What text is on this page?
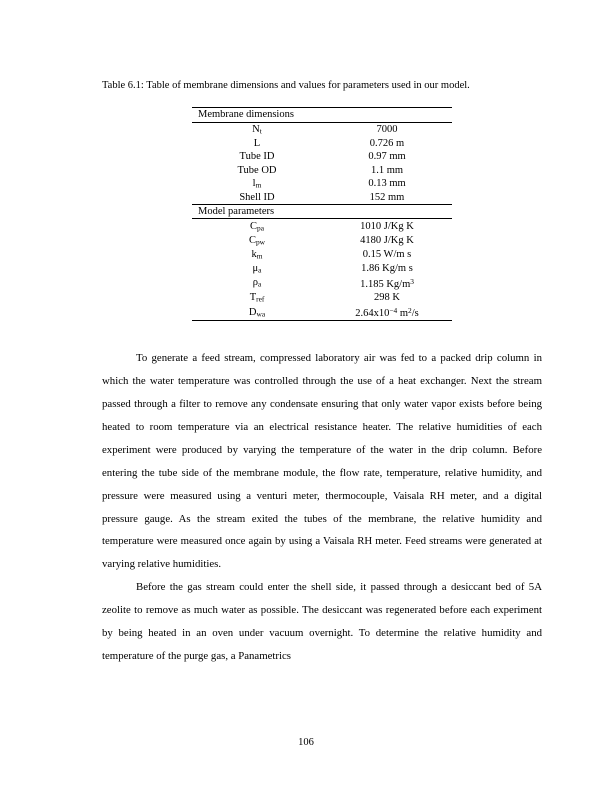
Table 6.1: Table of membrane dimensions and values for parameters used in our model.
Membrane dimensions	
$N_t$	7000
L	0.726 m
Tube ID	0.97 mm
Tube OD	1.1 mm
$l_m$	0.13 mm
Shell ID	152 mm
Model parameters	
$C_{pa}$	1010 J/Kg K
$C_{pw}$	4180 J/Kg K
$k_m$	0.15 W/m s
$\mu_a$	1.86 Kg/m s
$\rho_a$	1.185 $Kg/m^3$
$T_{ref}$	298 K
$D_{wa}$	$2.64x10^{-4}$ $m^2/s$

To generate a feed stream, compressed laboratory air was fed to a packed drip column in which the water temperature was controlled through the use of a heat exchanger. Next the stream passed through a filter to remove any condensate ensuring that only water vapor exists before being heated to room temperature via an electrical resistance heater. The relative humidities of each experiment were produced by varying the temperature of the water in the drip column. Before entering the tube side of the membrane module, the flow rate, temperature, relative humidity, and pressure were measured using a venturi meter, thermocouple, Vaisala RH meter, and a digital pressure gauge. As the stream exited the tubes of the membrane, the relative humidity and temperature were measured once again by using a Vaisala RH meter. Feed streams were generated at varying relative humidities.

Before the gas stream could enter the shell side, it passed through a desiccant bed of 5A zeolite to remove as much water as possible. The desiccant was regenerated before each experiment by being heated in an oven under vacuum overnight. To determine the relative humidity and temperature of the purge gas, a Panametrics

106
